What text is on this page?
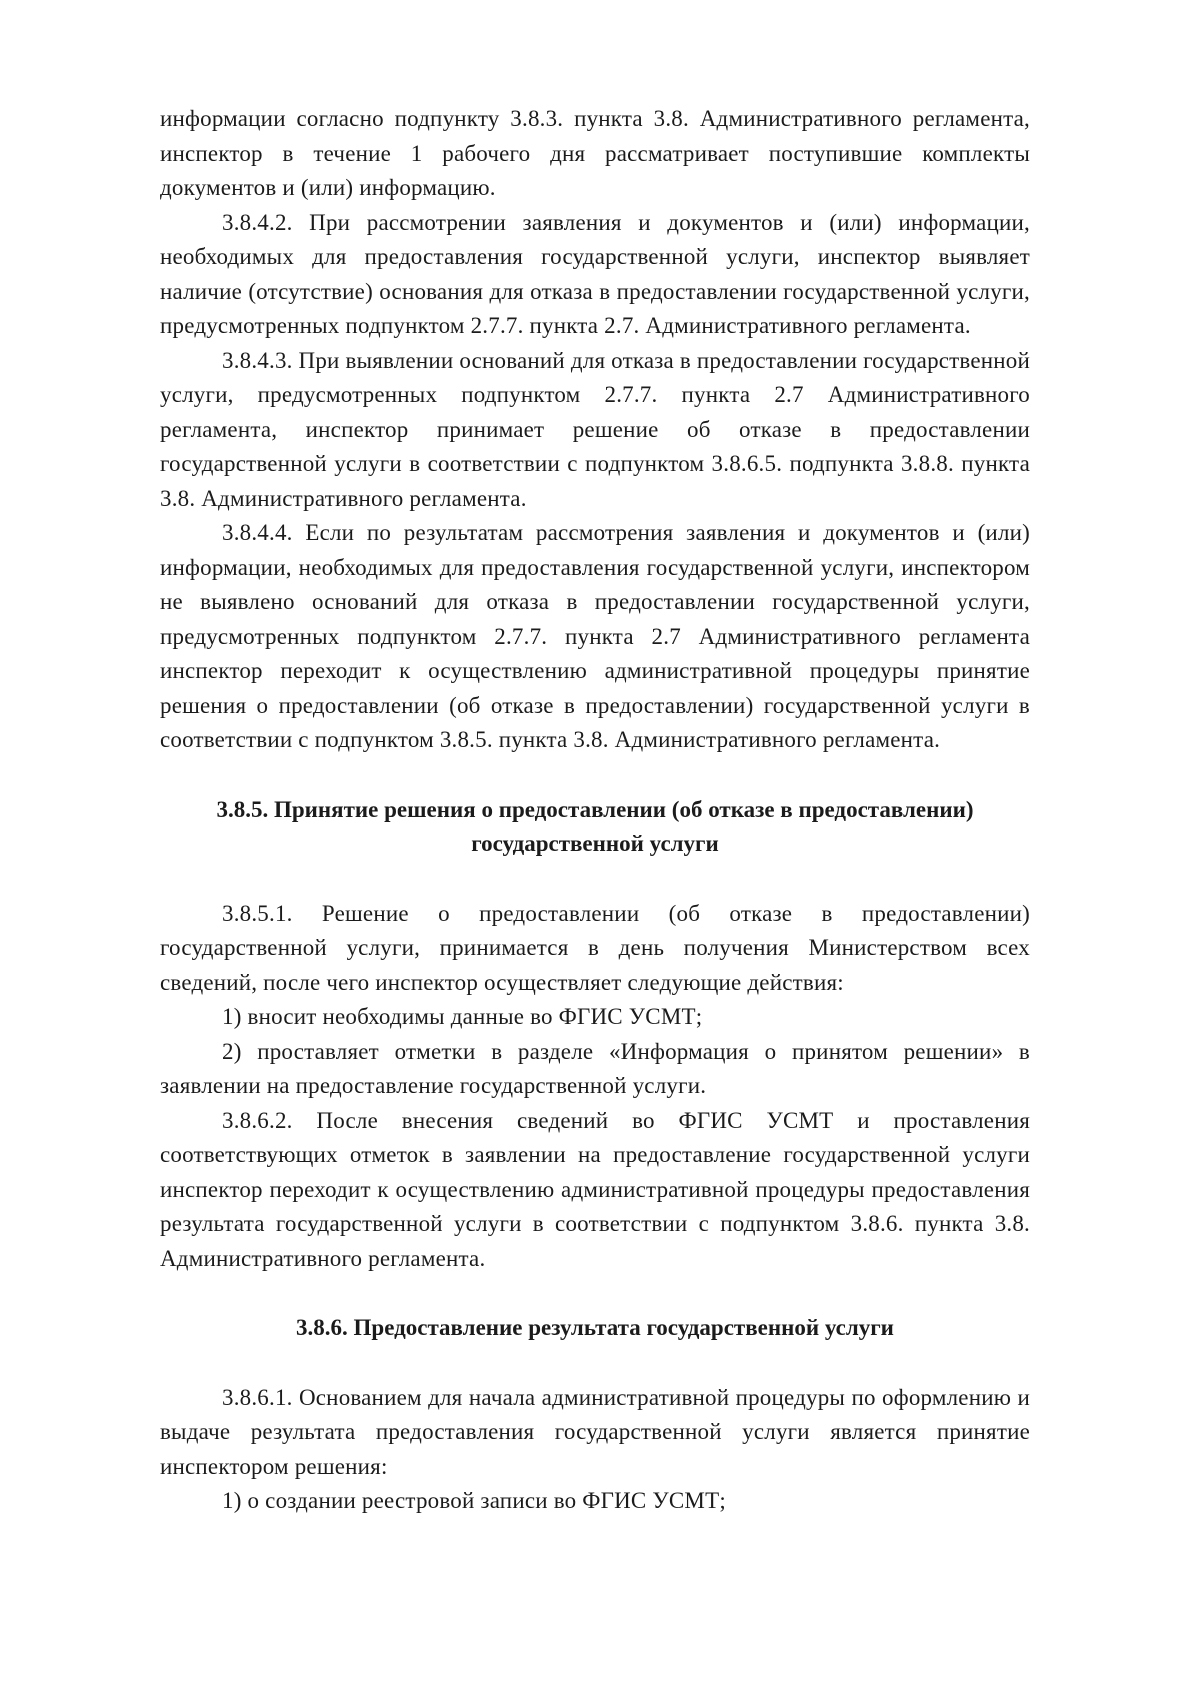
информации согласно подпункту 3.8.3. пункта 3.8. Административного регламента, инспектор в течение 1 рабочего дня рассматривает поступившие комплекты документов и (или) информацию.

3.8.4.2. При рассмотрении заявления и документов и (или) информации, необходимых для предоставления государственной услуги, инспектор выявляет наличие (отсутствие) основания для отказа в предоставлении государственной услуги, предусмотренных подпунктом 2.7.7. пункта 2.7. Административного регламента.

3.8.4.3. При выявлении оснований для отказа в предоставлении государственной услуги, предусмотренных подпунктом 2.7.7. пункта 2.7 Административного регламента, инспектор принимает решение об отказе в предоставлении государственной услуги в соответствии с подпунктом 3.8.6.5. подпункта 3.8.8. пункта 3.8. Административного регламента.

3.8.4.4. Если по результатам рассмотрения заявления и документов и (или) информации, необходимых для предоставления государственной услуги, инспектором не выявлено оснований для отказа в предоставлении государственной услуги, предусмотренных подпунктом 2.7.7. пункта 2.7 Административного регламента инспектор переходит к осуществлению административной процедуры принятие решения о предоставлении (об отказе в предоставлении) государственной услуги в соответствии с подпунктом 3.8.5. пункта 3.8. Административного регламента.

3.8.5. Принятие решения о предоставлении (об отказе в предоставлении) государственной услуги

3.8.5.1. Решение о предоставлении (об отказе в предоставлении) государственной услуги, принимается в день получения Министерством всех сведений, после чего инспектор осуществляет следующие действия:

1) вносит необходимы данные во ФГИС УСМТ;

2) проставляет отметки в разделе «Информация о принятом решении» в заявлении на предоставление государственной услуги.

3.8.6.2. После внесения сведений во ФГИС УСМТ и проставления соответствующих отметок в заявлении на предоставление государственной услуги инспектор переходит к осуществлению административной процедуры предоставления результата государственной услуги в соответствии с подпунктом 3.8.6. пункта 3.8. Административного регламента.

3.8.6. Предоставление результата государственной услуги

3.8.6.1. Основанием для начала административной процедуры по оформлению и выдаче результата предоставления государственной услуги является принятие инспектором решения:

1) о создании реестровой записи во ФГИС УСМТ;
